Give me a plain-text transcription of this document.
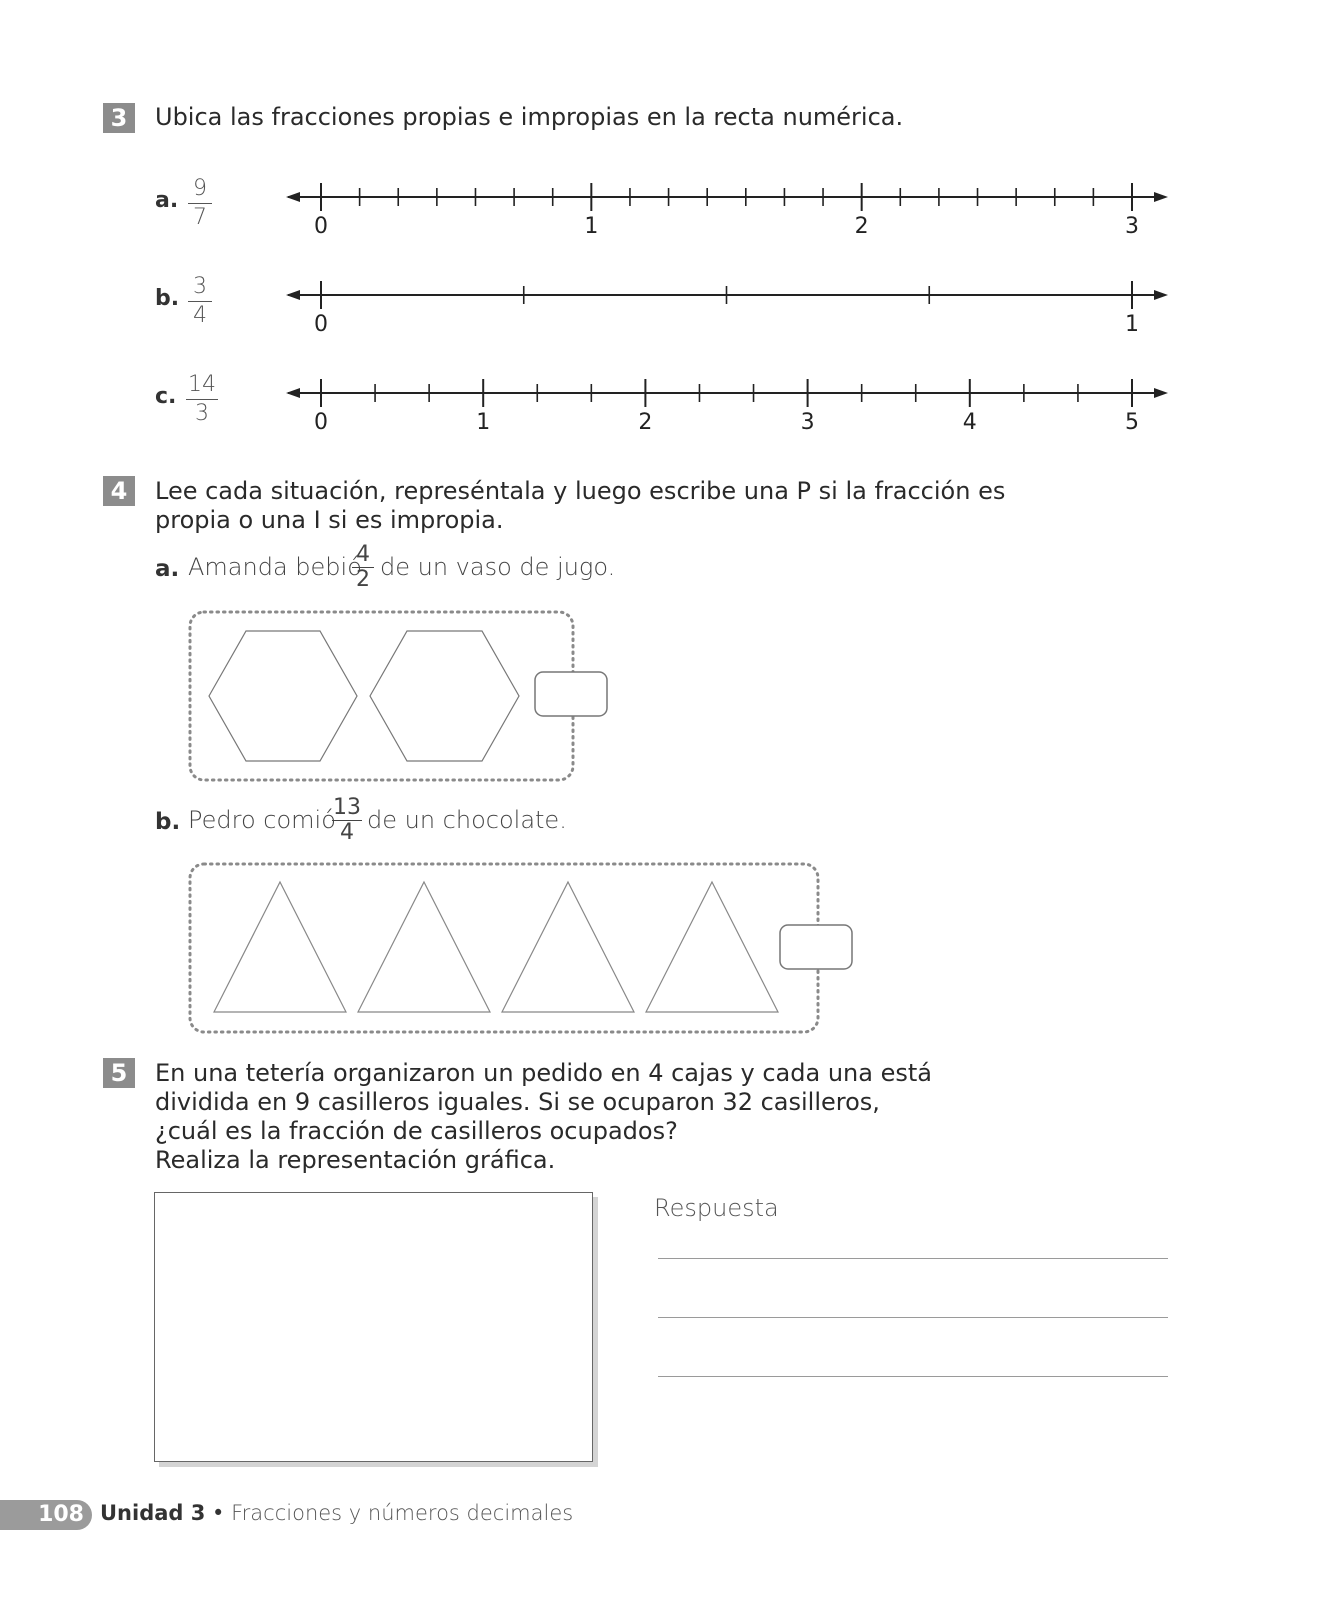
3	Ubica las fracciones propias e impropias en la recta numérica.
a. 9
7
b. 3
4
c. 14
3
0	1	2	3
0	1
0	1	2	3	4	5
4	Lee cada situación, represéntala y luego escribe una P si la fracción es
propia o una I si es impropia.
a. Amanda bebió
4
2 de un vaso de jugo.
b. Pedro comió
13
4 de un chocolate.
5	En una tetería organizaron un pedido en 4 cajas y cada una está
dividida en 9 casilleros iguales. Si se ocuparon 32 casilleros,
¿cuál es la fracción de casilleros ocupados?
Realiza la representación gráfica.
Respuesta
108 Unidad 3 • Fracciones y números decimales
